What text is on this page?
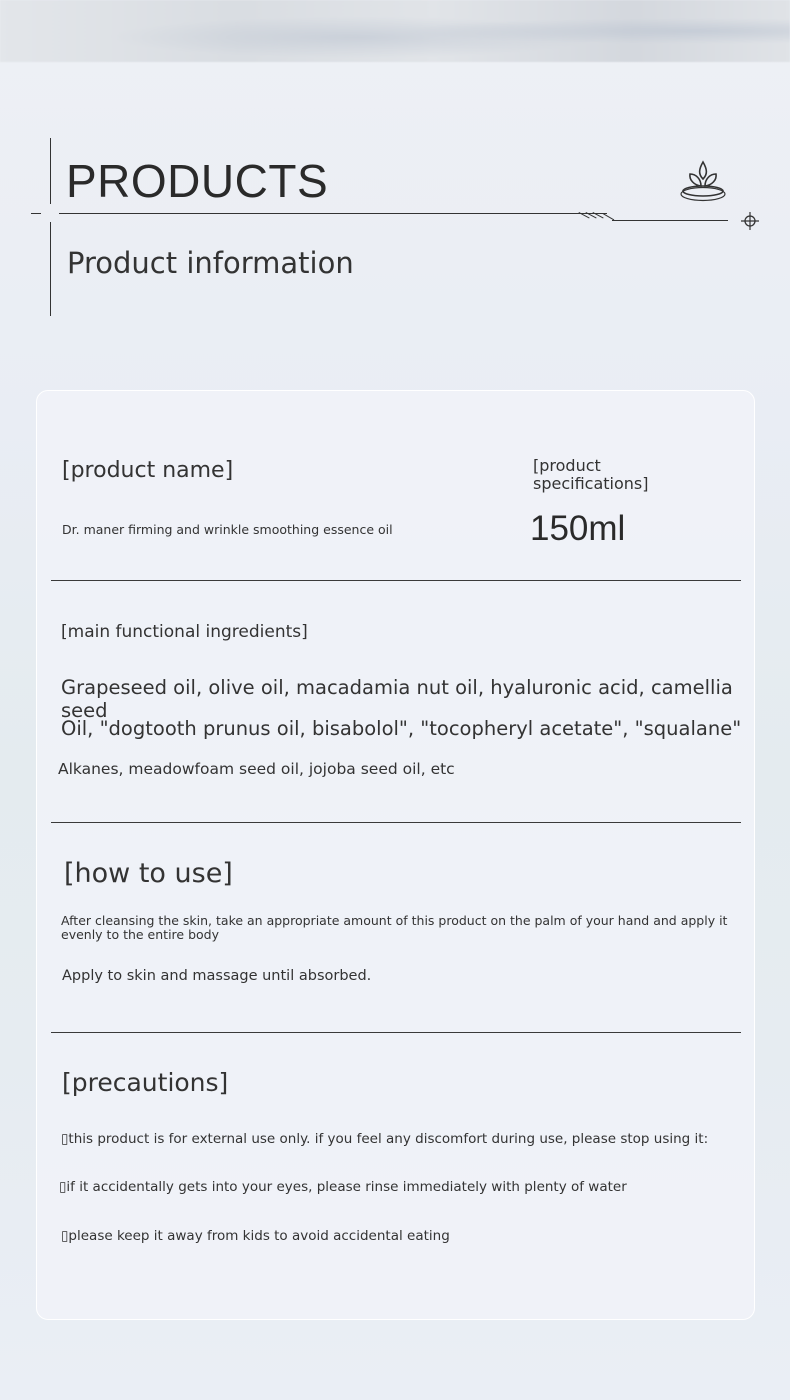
PRODUCTS
Product information
[product name]
Dr. maner firming and wrinkle smoothing essence oil
[product
specifications]
150ml
[main functional ingredients]
Grapeseed oil, olive oil, macadamia nut oil, hyaluronic acid, camellia seed
Oil, "dogtooth prunus oil, bisabolol", "tocopheryl acetate", "squalane"
Alkanes, meadowfoam seed oil, jojoba seed oil, etc
[how to use]
After cleansing the skin, take an appropriate amount of this product on the palm of your hand and apply it
evenly to the entire body
Apply to skin and massage until absorbed.
[precautions]
▯this product is for external use only. if you feel any discomfort during use, please stop using it:
▯if it accidentally gets into your eyes, please rinse immediately with plenty of water
▯please keep it away from kids to avoid accidental eating
